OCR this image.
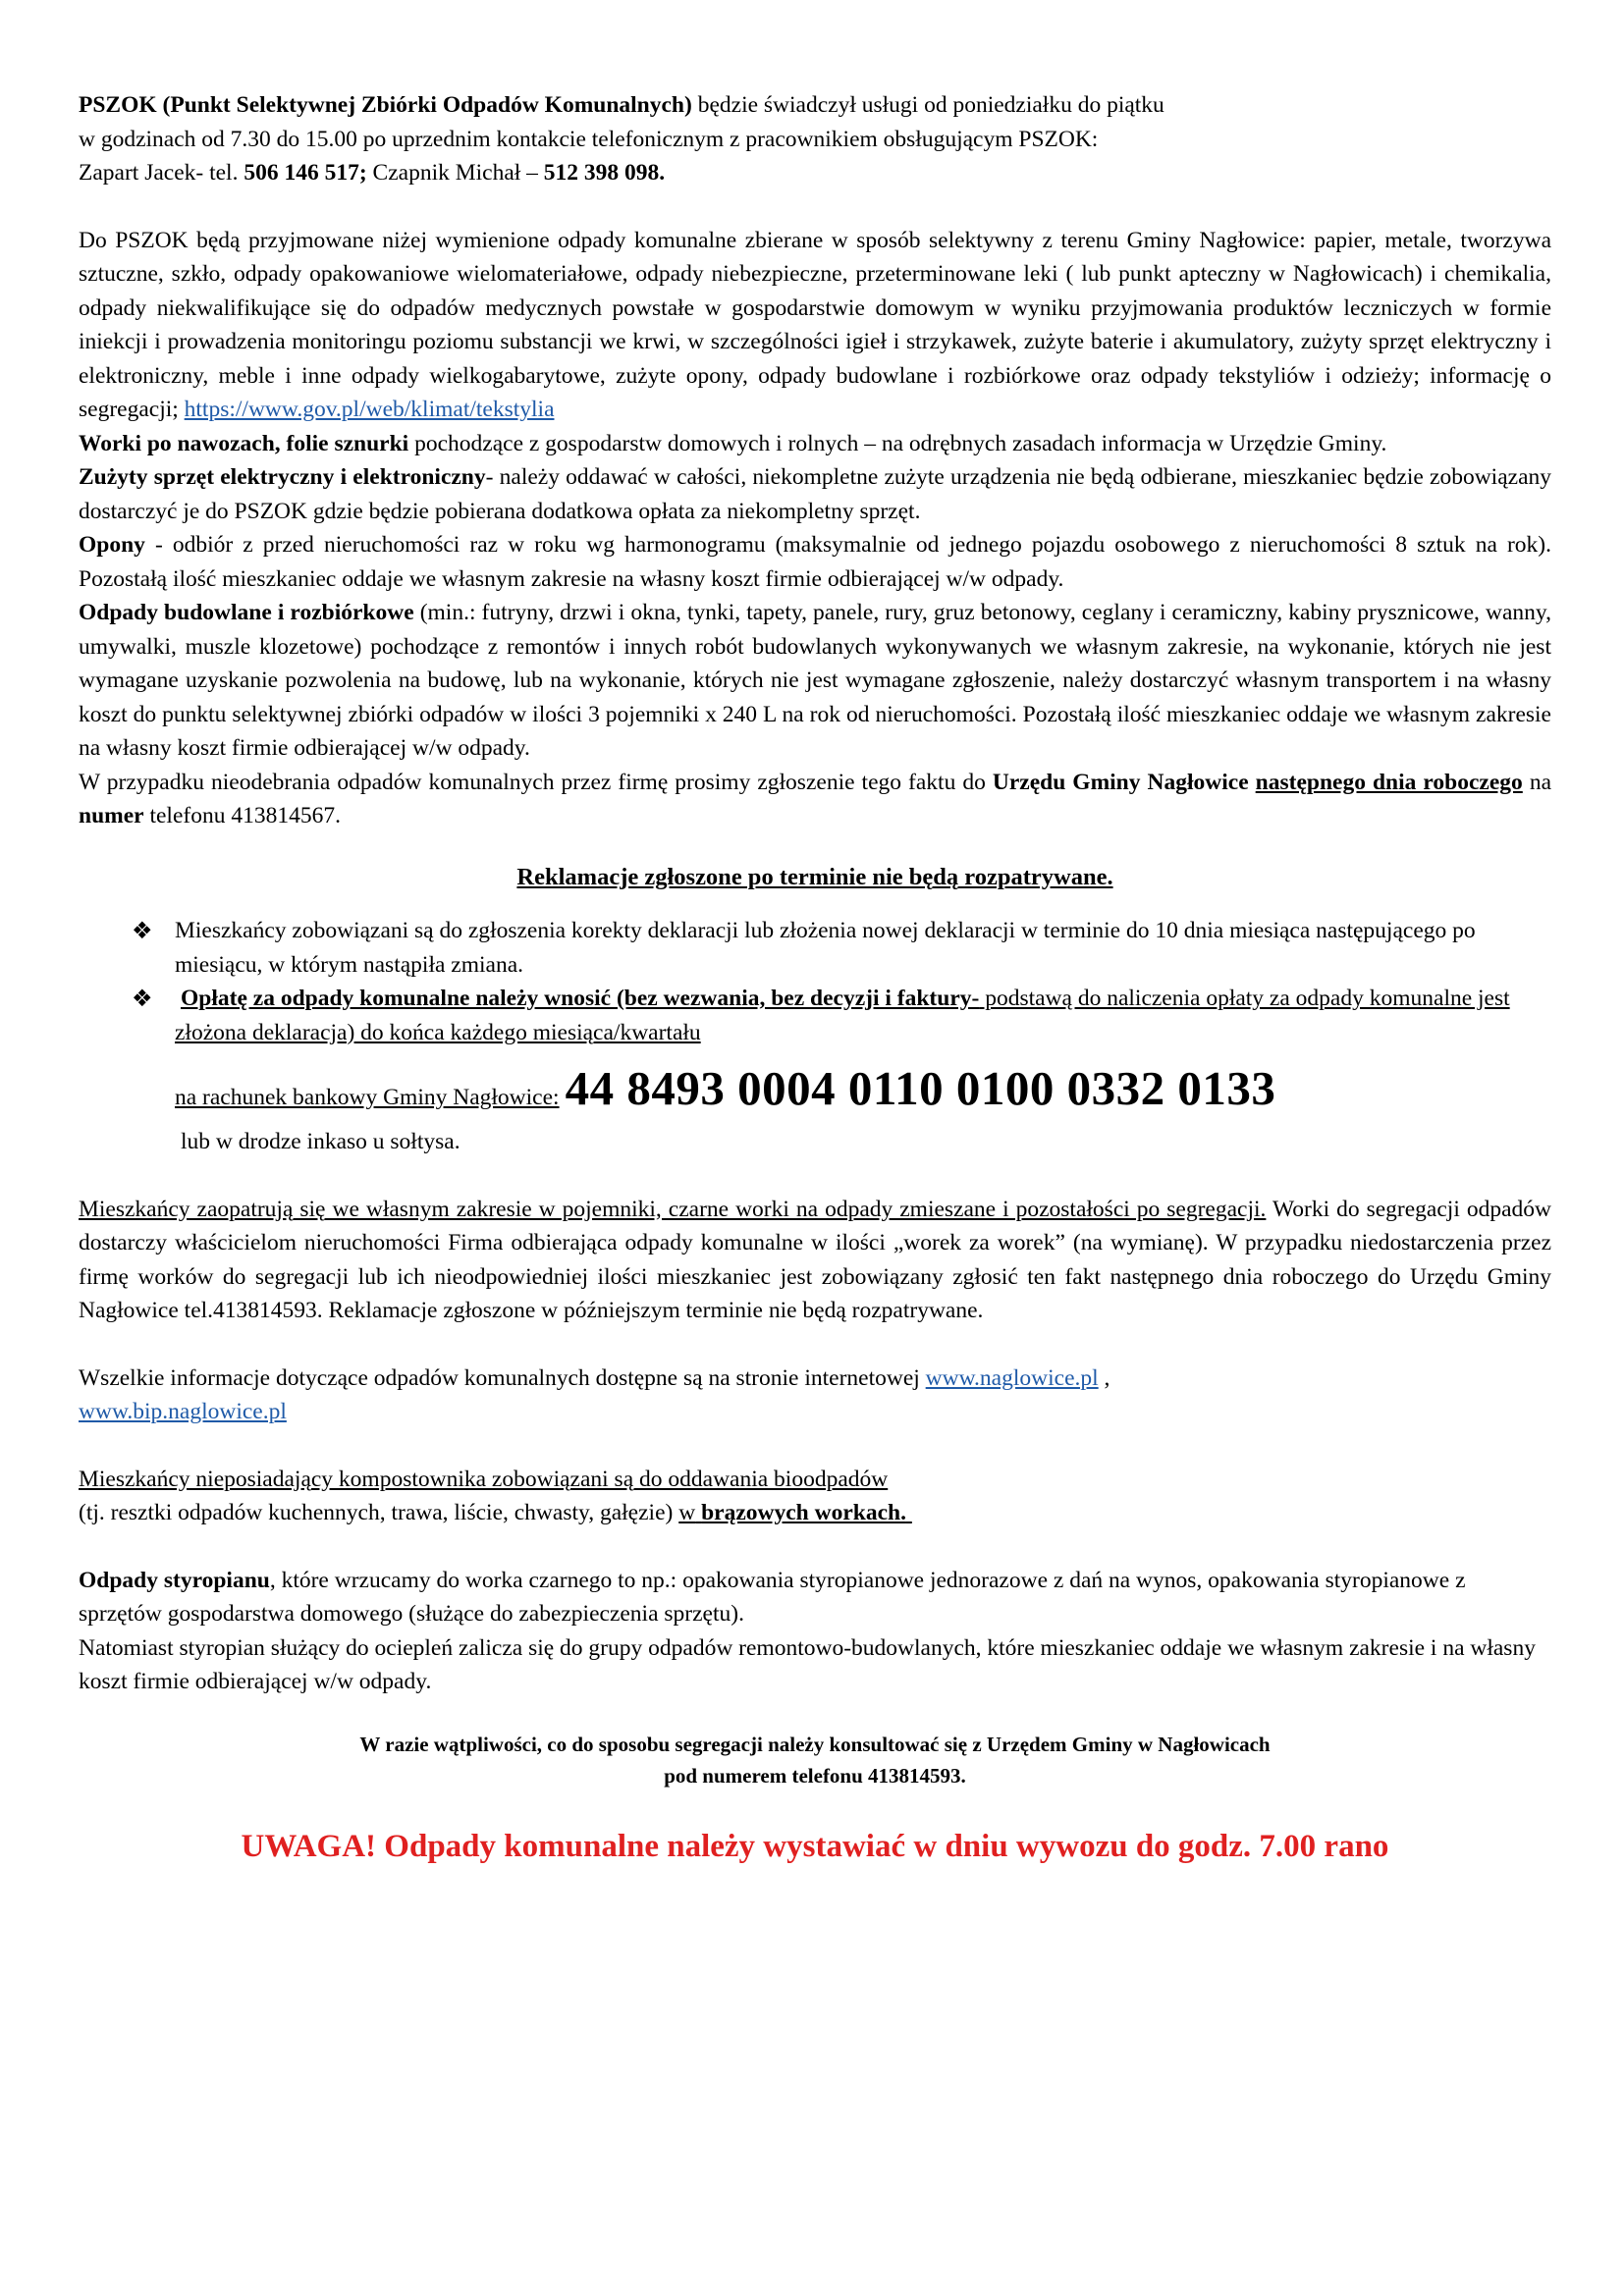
PSZOK (Punkt Selektywnej Zbiórki Odpadów Komunalnych) będzie świadczył usługi od poniedziałku do piątku
w godzinach od 7.30 do 15.00 po uprzednim kontakcie telefonicznym z pracownikiem obsługującym PSZOK:
Zapart Jacek- tel. 506 146 517; Czapnik Michał – 512 398 098.

Do PSZOK będą przyjmowane niżej wymienione odpady komunalne zbierane w sposób selektywny z terenu Gminy Nagłowice: papier, metale, tworzywa sztuczne, szkło, odpady opakowaniowe wielomateriałowe, odpady niebezpieczne, przeterminowane leki ( lub punkt apteczny w Nagłowicach) i chemikalia, odpady niekwalifikujące się do odpadów medycznych powstałe w gospodarstwie domowym w wyniku przyjmowania produktów leczniczych w formie iniekcji i prowadzenia monitoringu poziomu substancji we krwi, w szczególności igieł i strzykawek, zużyte baterie i akumulatory, zużyty sprzęt elektryczny i elektroniczny, meble i inne odpady wielkogabarytowe, zużyte opony, odpady budowlane i rozbiórkowe oraz odpady tekstyliów i odzieży; informację o segregacji; https://www.gov.pl/web/klimat/tekstylia

Worki po nawozach, folie sznurki pochodzące z gospodarstw domowych i rolnych – na odrębnych zasadach informacja w Urzędzie Gminy.

Zużyty sprzęt elektryczny i elektroniczny- należy oddawać w całości, niekompletne zużyte urządzenia nie będą odbierane, mieszkaniec będzie zobowiązany dostarczyć je do PSZOK gdzie będzie pobierana dodatkowa opłata za niekompletny sprzęt.

Opony - odbiór z przed nieruchomości raz w roku wg harmonogramu (maksymalnie od jednego pojazdu osobowego z nieruchomości 8 sztuk na rok). Pozostałą ilość mieszkaniec oddaje we własnym zakresie na własny koszt firmie odbierającej w/w odpady.

Odpady budowlane i rozbiórkowe (min.: futryny, drzwi i okna, tynki, tapety, panele, rury, gruz betonowy, ceglany i ceramiczny, kabiny prysznicowe, wanny, umywalki, muszle klozetowe) pochodzące z remontów i innych robót budowlanych wykonywanych we własnym zakresie, na wykonanie, których nie jest wymagane uzyskanie pozwolenia na budowę, lub na wykonanie, których nie jest wymagane zgłoszenie, należy dostarczyć własnym transportem i na własny koszt do punktu selektywnej zbiórki odpadów w ilości 3 pojemniki x 240 L na rok od nieruchomości. Pozostałą ilość mieszkaniec oddaje we własnym zakresie na własny koszt firmie odbierającej w/w odpady.

W przypadku nieodebrania odpadów komunalnych przez firmę prosimy zgłoszenie tego faktu do Urzędu Gminy Nagłowice następnego dnia roboczego na numer telefonu 413814567.

Reklamacje zgłoszone po terminie nie będą rozpatrywane.

❖ Mieszkańcy zobowiązani są do zgłoszenia korekty deklaracji lub złożenia nowej deklaracji w terminie do 10 dnia miesiąca następującego po miesiącu, w którym nastąpiła zmiana.
❖ Opłatę za odpady komunalne należy wnosić (bez wezwania, bez decyzji i faktury- podstawą do naliczenia opłaty za odpady komunalne jest złożona deklaracja) do końca każdego miesiąca/kwartału
na rachunek bankowy Gminy Nagłowice: 44 8493 0004 0110 0100 0332 0133
lub w drodze inkaso u sołtysa.

Mieszkańcy zaopatrują się we własnym zakresie w pojemniki, czarne worki na odpady zmieszane i pozostałości po segregacji. Worki do segregacji odpadów dostarczy właścicielom nieruchomości Firma odbierająca odpady komunalne w ilości „worek za worek” (na wymianę). W przypadku niedostarczenia przez firmę worków do segregacji lub ich nieodpowiedniej ilości mieszkaniec jest zobowiązany zgłosić ten fakt następnego dnia roboczego do Urzędu Gminy Nagłowice tel.413814593. Reklamacje zgłoszone w późniejszym terminie nie będą rozpatrywane.

Wszelkie informacje dotyczące odpadów komunalnych dostępne są na stronie internetowej www.naglowice.pl ,
www.bip.naglowice.pl

Mieszkańcy nieposiadający kompostownika zobowiązani są do oddawania bioodpadów
(tj. resztki odpadów kuchennych, trawa, liście, chwasty, gałęzie) w brązowych workach.

Odpady styropianu, które wrzucamy do worka czarnego to np.: opakowania styropianowe jednorazowe z dań na wynos, opakowania styropianowe z sprzętów gospodarstwa domowego (służące do zabezpieczenia sprzętu).
Natomiast styropian służący do ociepleń zalicza się do grupy odpadów remontowo-budowlanych, które mieszkaniec oddaje we własnym zakresie i na własny koszt firmie odbierającej w/w odpady.

W razie wątpliwości, co do sposobu segregacji należy konsultować się z Urzędem Gminy w Nagłowicach
pod numerem telefonu 413814593.

UWAGA! Odpady komunalne należy wystawiać w dniu wywozu do godz. 7.00 rano
